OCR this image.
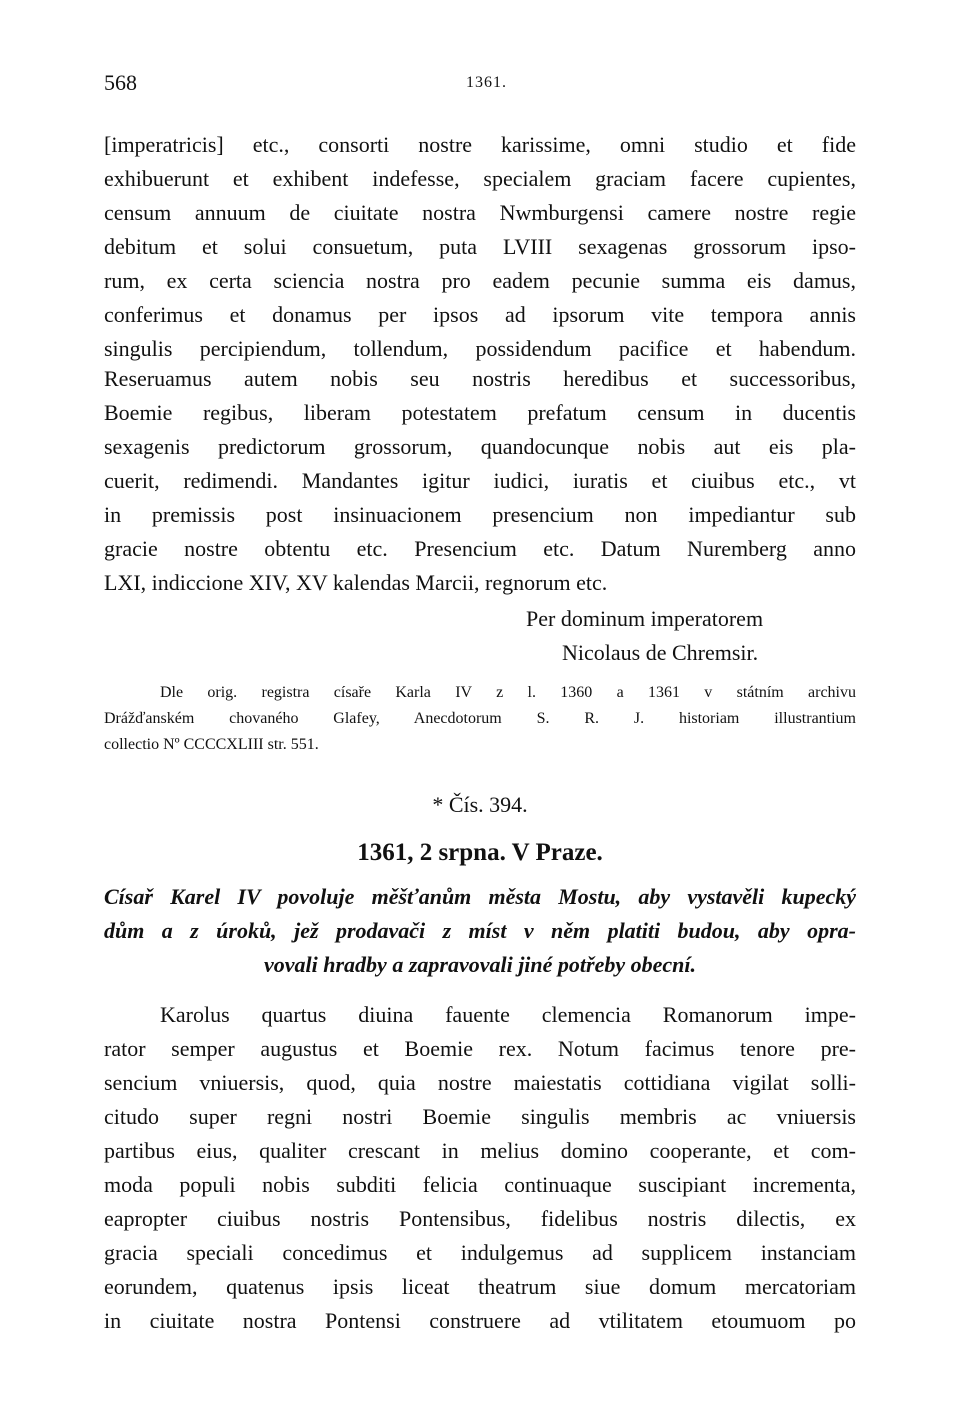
568	1361.
[imperatricis] etc., consorti nostre karissime, omni studio et fide
exhibuerunt et exhibent indefesse, specialem graciam facere cupientes,
censum annuum de ciuitate nostra Nwmburgensi camere nostre regie
debitum et solui consuetum, puta LVIII sexagenas grossorum ipso-
rum, ex certa sciencia nostra pro eadem pecunie summa eis damus,
conferimus et donamus per ipsos ad ipsorum vite tempora annis
singulis percipiendum, tollendum, possidendum pacifice et habendum.
Reseruamus autem nobis seu nostris heredibus et successoribus,
Boemie regibus, liberam potestatem prefatum censum in ducentis
sexagenis predictorum grossorum, quandocunque nobis aut eis pla-
cuerit, redimendi. Mandantes igitur iudici, iuratis et ciuibus etc., vt
in premissis post insinuacionem presencium non impediantur sub
gracie nostre obtentu etc. Presencium etc. Datum Nuremberg anno
LXI, indiccione XIV, XV kalendas Marcii, regnorum etc.
Per dominum imperatorem
Nicolaus de Chremsir.
Dle orig. registra císaře Karla IV z l. 1360 a 1361 v státním archivu
Drážďanském chovaného Glafey, Anecdotorum S. R. J. historiam illustrantium
collectio Nº CCCCXLIII str. 551.
* Čís. 394.
1361, 2 srpna. V Praze.
Císař Karel IV povoluje měšťanům města Mostu, aby vystavěli kupecký
dům a z úroků, jež prodavači z míst v něm platiti budou, aby opra-
vovali hradby a zapravovali jiné potřeby obecní.
Karolus quartus diuina fauente clemencia Romanorum impe-
rator semper augustus et Boemie rex. Notum facimus tenore pre-
sencium vniuersis, quod, quia nostre maiestatis cottidiana vigilat solli-
citudo super regni nostri Boemie singulis membris ac vniuersis
partibus eius, qualiter crescant in melius domino cooperante, et com-
moda populi nobis subditi felicia continuaque suscipiant incrementa,
eapropter ciuibus nostris Pontensibus, fidelibus nostris dilectis, ex
gracia speciali concedimus et indulgemus ad supplicem instanciam
eorundem, quatenus ipsis liceat theatrum siue domum mercatoriam
in ciuitate nostra Pontensi construere ad vtilitatem etoumuom po
